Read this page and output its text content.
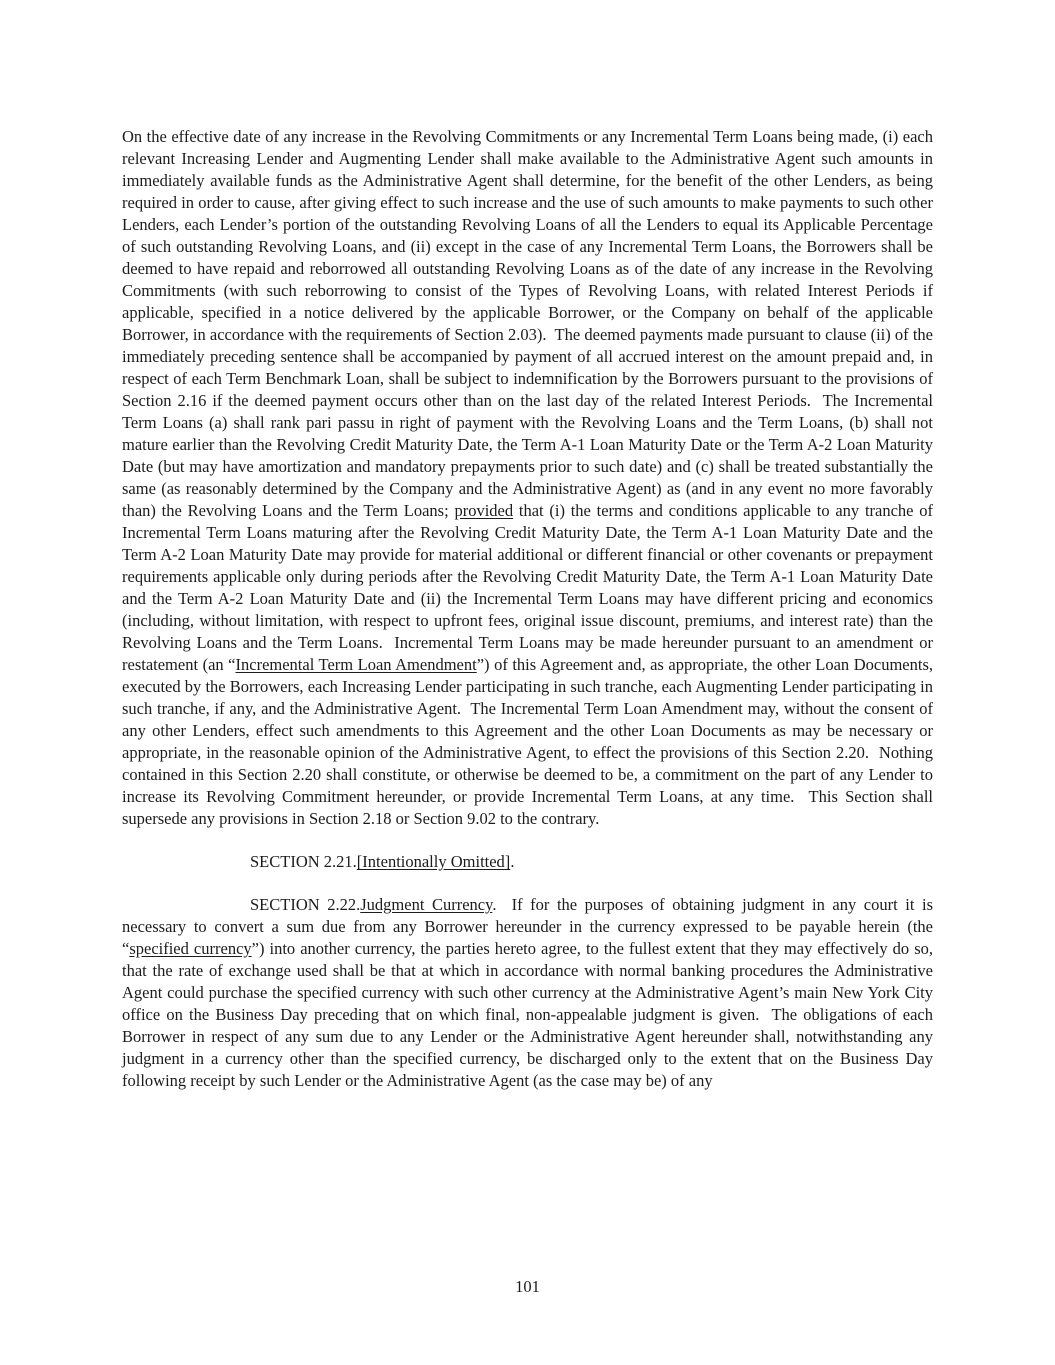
On the effective date of any increase in the Revolving Commitments or any Incremental Term Loans being made, (i) each relevant Increasing Lender and Augmenting Lender shall make available to the Administrative Agent such amounts in immediately available funds as the Administrative Agent shall determine, for the benefit of the other Lenders, as being required in order to cause, after giving effect to such increase and the use of such amounts to make payments to such other Lenders, each Lender’s portion of the outstanding Revolving Loans of all the Lenders to equal its Applicable Percentage of such outstanding Revolving Loans, and (ii) except in the case of any Incremental Term Loans, the Borrowers shall be deemed to have repaid and reborrowed all outstanding Revolving Loans as of the date of any increase in the Revolving Commitments (with such reborrowing to consist of the Types of Revolving Loans, with related Interest Periods if applicable, specified in a notice delivered by the applicable Borrower, or the Company on behalf of the applicable Borrower, in accordance with the requirements of Section 2.03).  The deemed payments made pursuant to clause (ii) of the immediately preceding sentence shall be accompanied by payment of all accrued interest on the amount prepaid and, in respect of each Term Benchmark Loan, shall be subject to indemnification by the Borrowers pursuant to the provisions of Section 2.16 if the deemed payment occurs other than on the last day of the related Interest Periods.  The Incremental Term Loans (a) shall rank pari passu in right of payment with the Revolving Loans and the Term Loans, (b) shall not mature earlier than the Revolving Credit Maturity Date, the Term A-1 Loan Maturity Date or the Term A-2 Loan Maturity Date (but may have amortization and mandatory prepayments prior to such date) and (c) shall be treated substantially the same (as reasonably determined by the Company and the Administrative Agent) as (and in any event no more favorably than) the Revolving Loans and the Term Loans; provided that (i) the terms and conditions applicable to any tranche of Incremental Term Loans maturing after the Revolving Credit Maturity Date, the Term A-1 Loan Maturity Date and the Term A-2 Loan Maturity Date may provide for material additional or different financial or other covenants or prepayment requirements applicable only during periods after the Revolving Credit Maturity Date, the Term A-1 Loan Maturity Date and the Term A-2 Loan Maturity Date and (ii) the Incremental Term Loans may have different pricing and economics (including, without limitation, with respect to upfront fees, original issue discount, premiums, and interest rate) than the Revolving Loans and the Term Loans.  Incremental Term Loans may be made hereunder pursuant to an amendment or restatement (an “Incremental Term Loan Amendment”) of this Agreement and, as appropriate, the other Loan Documents, executed by the Borrowers, each Increasing Lender participating in such tranche, each Augmenting Lender participating in such tranche, if any, and the Administrative Agent.  The Incremental Term Loan Amendment may, without the consent of any other Lenders, effect such amendments to this Agreement and the other Loan Documents as may be necessary or appropriate, in the reasonable opinion of the Administrative Agent, to effect the provisions of this Section 2.20.  Nothing contained in this Section 2.20 shall constitute, or otherwise be deemed to be, a commitment on the part of any Lender to increase its Revolving Commitment hereunder, or provide Incremental Term Loans, at any time.  This Section shall supersede any provisions in Section 2.18 or Section 9.02 to the contrary.

SECTION 2.21.[Intentionally Omitted].

SECTION 2.22.Judgment Currency.  If for the purposes of obtaining judgment in any court it is necessary to convert a sum due from any Borrower hereunder in the currency expressed to be payable herein (the “specified currency”) into another currency, the parties hereto agree, to the fullest extent that they may effectively do so, that the rate of exchange used shall be that at which in accordance with normal banking procedures the Administrative Agent could purchase the specified currency with such other currency at the Administrative Agent’s main New York City office on the Business Day preceding that on which final, non-appealable judgment is given.  The obligations of each Borrower in respect of any sum due to any Lender or the Administrative Agent hereunder shall, notwithstanding any judgment in a currency other than the specified currency, be discharged only to the extent that on the Business Day following receipt by such Lender or the Administrative Agent (as the case may be) of any

101
